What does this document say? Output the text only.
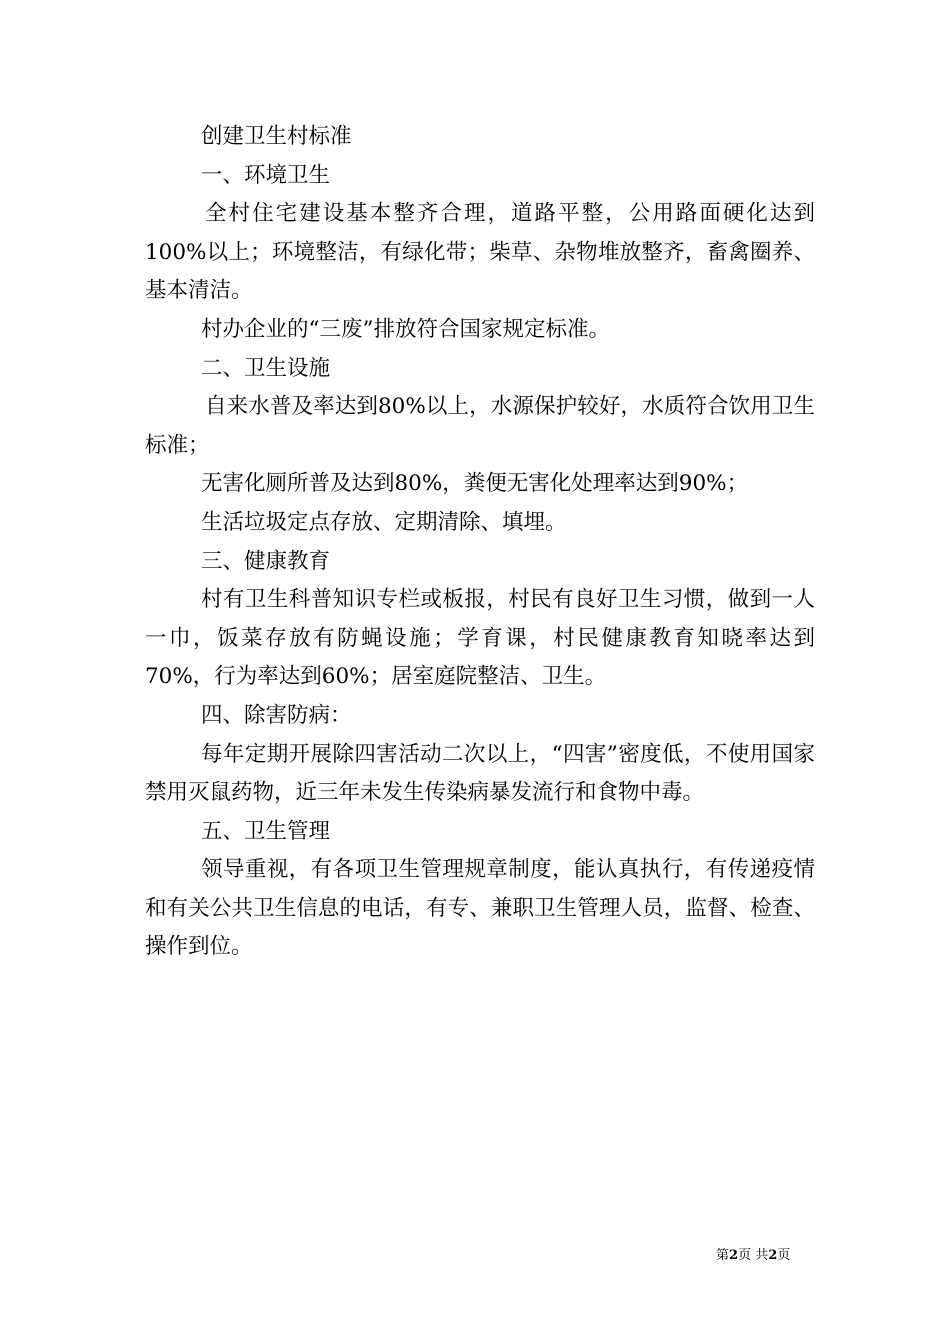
创建卫生村标准

一、环境卫生

全村住宅建设基本整齐合理，道路平整，公用路面硬化达到100%以上；环境整洁，有绿化带；柴草、杂物堆放整齐，畜禽圈养、基本清洁。

村办企业的“三废”排放符合国家规定标准。

二、卫生设施

自来水普及率达到80%以上，水源保护较好，水质符合饮用卫生标准；

无害化厕所普及达到80%，粪便无害化处理率达到90%；

生活垃圾定点存放、定期清除、填埋。

三、健康教育

村有卫生科普知识专栏或板报，村民有良好卫生习惯，做到一人一巾，饭菜存放有防蝇设施；学育课，村民健康教育知晓率达到70%，行为率达到60%；居室庭院整洁、卫生。

四、除害防病：

每年定期开展除四害活动二次以上，“四害”密度低，不使用国家禁用灭鼠药物，近三年未发生传染病暴发流行和食物中毒。

五、卫生管理

领导重视，有各项卫生管理规章制度，能认真执行，有传递疫情和有关公共卫生信息的电话，有专、兼职卫生管理人员，监督、检查、操作到位。

第2页 共2页
